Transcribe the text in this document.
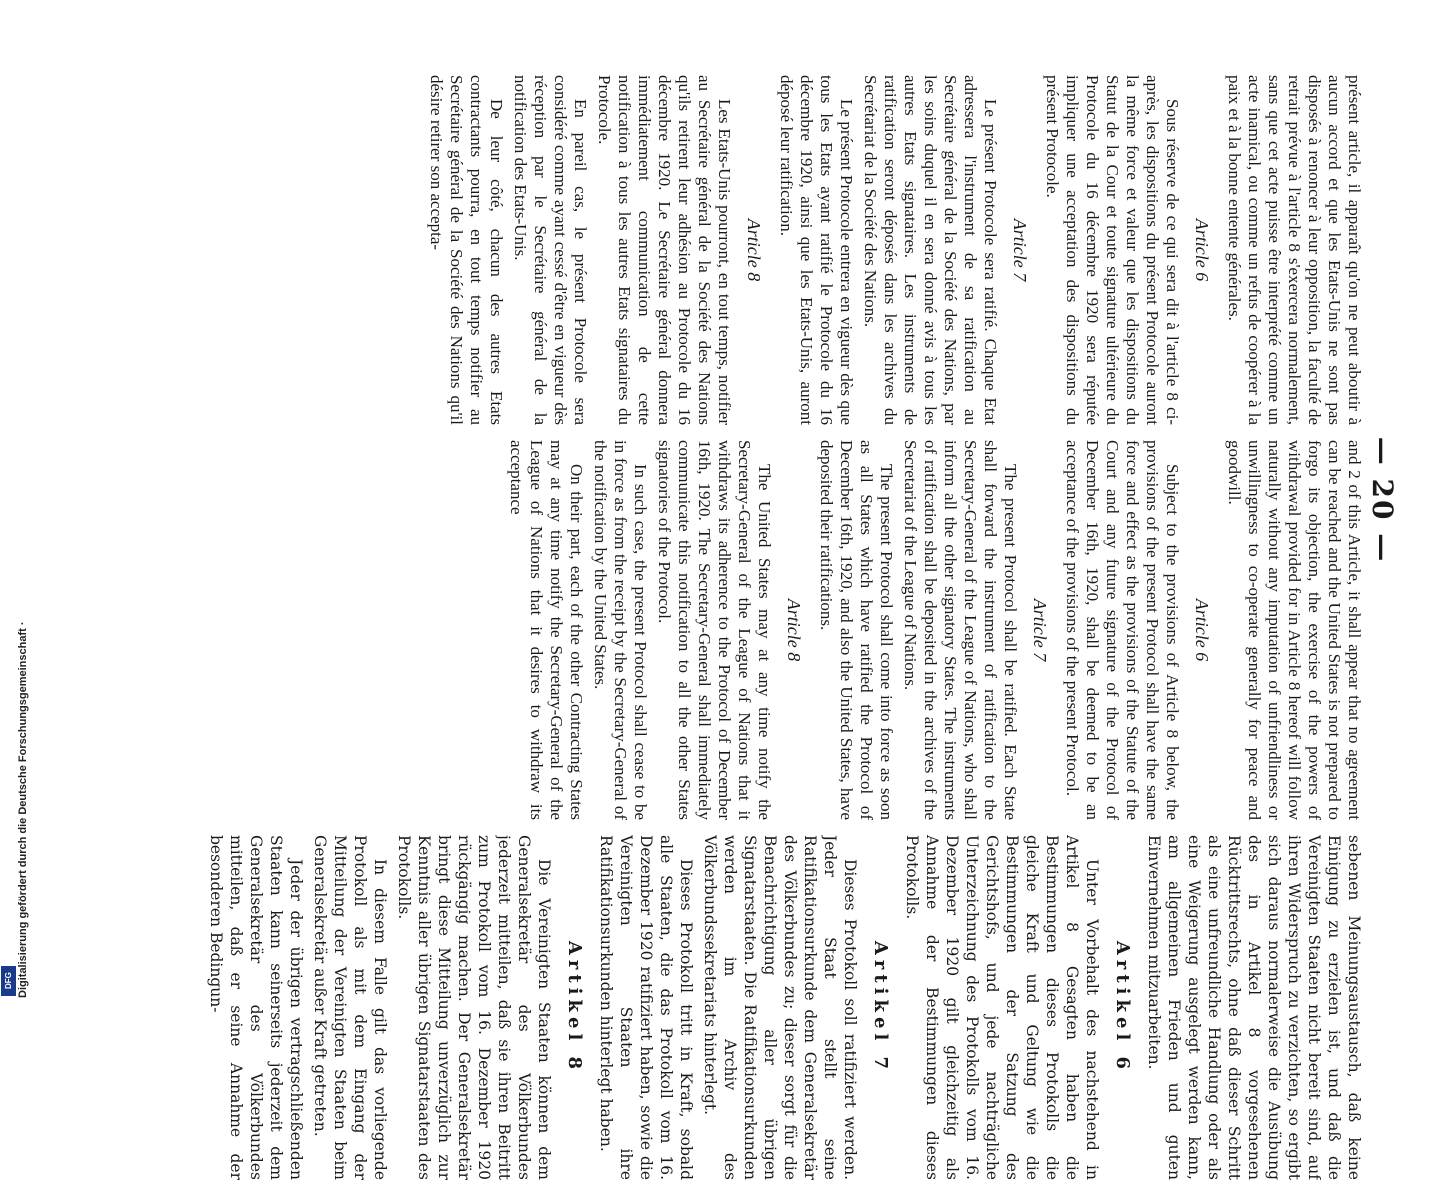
— 20 —

présent article, il apparaît qu'on ne peut aboutir à aucun accord et que les Etats-Unis ne sont pas disposés à renoncer à leur opposition, la faculté de retrait prévue à l'article 8 s'exercera normalement, sans que cet acte puisse être interprété comme un acte inamical, ou comme un refus de coopérer à la paix et à la bonne entente générales.

Article 6

Sous réserve de ce qui sera dit à l'article 8 ci-après, les dispositions du présent Protocole auront la même force et valeur que les dispositions du Statut de la Cour et toute signature ultérieure du Protocole du 16 décembre 1920 sera réputée impliquer une acceptation des dispositions du présent Protocole.

Article 7

Le présent Protocole sera ratifié. Chaque Etat adressera l'instrument de sa ratification au Secrétaire général de la Société des Nations, par les soins duquel il en sera donné avis à tous les autres Etats signataires. Les instruments de ratification seront déposés dans les archives du Secrétariat de la Société des Nations.

Le présent Protocole entrera en vigueur dès que tous les Etats ayant ratifié le Protocole du 16 décembre 1920, ainsi que les Etats-Unis, auront déposé leur ratification.

Article 8

Les Etats-Unis pourront, en tout temps, notifier au Secrétaire général de la Société des Nations qu'ils retirent leur adhésion au Protocole du 16 décembre 1920. Le Secrétaire général donnera immédiatement communication de cette notification à tous les autres Etats signataires du Protocole.

En pareil cas, le présent Protocole sera considéré comme ayant cessé d'être en vigueur dès réception par le Secrétaire général de la notification des Etats-Unis.

De leur côté, chacun des autres Etats contractants pourra, en tout temps notifier au Secrétaire général de la Société des Nations qu'il désire retirer son accepta-

and 2 of this Article, it shall appear that no agreement can be reached and the United States is not prepared to forgo its objection, the exercise of the powers of withdrawal provided for in Article 8 hereof will follow naturally without any imputation of unfriendliness or unwillingness to co-operate generally for peace and goodwill.

Article 6

Subject to the provisions of Article 8 below, the provisions of the present Protocol shall have the same force and effect as the provisions of the Statute of the Court and any future signature of the Protocol of December 16th, 1920, shall be deemed to be an acceptance of the provisions of the present Protocol.

Article 7

The present Protocol shall be ratified. Each State shall forward the instrument of ratification to the Secretary-General of the League of Nations, who shall inform all the other signatory States. The instruments of ratification shall be deposited in the archives of the Secretariat of the League of Nations.

The present Protocol shall come into force as soon as all States which have ratified the Protocol of December 16th, 1920, and also the United States, have deposited their ratifications.

Article 8

The United States may at any time notify the Secretary-General of the League of Nations that it withdraws its adherence to the Protocol of December 16th, 1920. The Secretary-General shall immediately communicate this notification to all the other States signatories of the Protocol.

In such case, the present Protocol shall cease to be in force as from the receipt by the Secretary-General of the notification by the United States.

On their part, each of the other Contracting States may at any time notify the Secretary-General of the League of Nations that it desires to withdraw its acceptance

sebenen Meinungsaustausch, daß keine Einigung zu erzielen ist, und daß die Vereinigten Staaten nicht bereit sind, auf ihren Widerspruch zu verzichten, so ergibt sich daraus normalerweise die Ausübung des in Artikel 8 vorgesehenen Rücktrittsrechts, ohne daß dieser Schritt als eine unfreundliche Handlung oder als eine Weigerung ausgelegt werden kann, am allgemeinen Frieden und guten Einvernehmen mitzuarbeiten.

Artikel 6

Unter Vorbehalt des nachstehend in Artikel 8 Gesagten haben die Bestimmungen dieses Protokolls die gleiche Kraft und Geltung wie die Bestimmungen der Satzung des Gerichtshofs, und jede nachträgliche Unterzeichnung des Protokolls vom 16. Dezember 1920 gilt gleichzeitig als Annahme der Bestimmungen dieses Protokolls.

Artikel 7

Dieses Protokoll soll ratifiziert werden. Jeder Staat stellt seine Ratifikationsurkunde dem Generalsekretär des Völkerbundes zu; dieser sorgt für die Benachrichtigung aller übrigen Signatarstaaten. Die Ratifikationsurkunden werden im Archiv des Völkerbundssekretariats hinterlegt.

Dieses Protokoll tritt in Kraft, sobald alle Staaten, die das Protokoll vom 16. Dezember 1920 ratifiziert haben, sowie die Vereinigten Staaten ihre Ratifikationsurkunden hinterlegt haben.

Artikel 8

Die Vereinigten Staaten können dem Generalsekretär des Völkerbundes jederzeit mitteilen, daß sie ihren Beitritt zum Protokoll vom 16. Dezember 1920 rückgängig machen. Der Generalsekretär bringt diese Mitteilung unverzüglich zur Kenntnis aller übrigen Signatarstaaten des Protokolls.

In diesem Falle gilt das vorliegende Protokoll als mit dem Eingang der Mitteilung der Vereinigten Staaten beim Generalsekretär außer Kraft getreten.

Jeder der übrigen vertragschließenden Staaten kann seinerseits jederzeit dem Generalsekretär des Völkerbundes mitteilen, daß er seine Annahme der besonderen Bedingun-

Digitalisierung gefördert durch die Deutsche Forschungsgemeinschaft ·
DFG
